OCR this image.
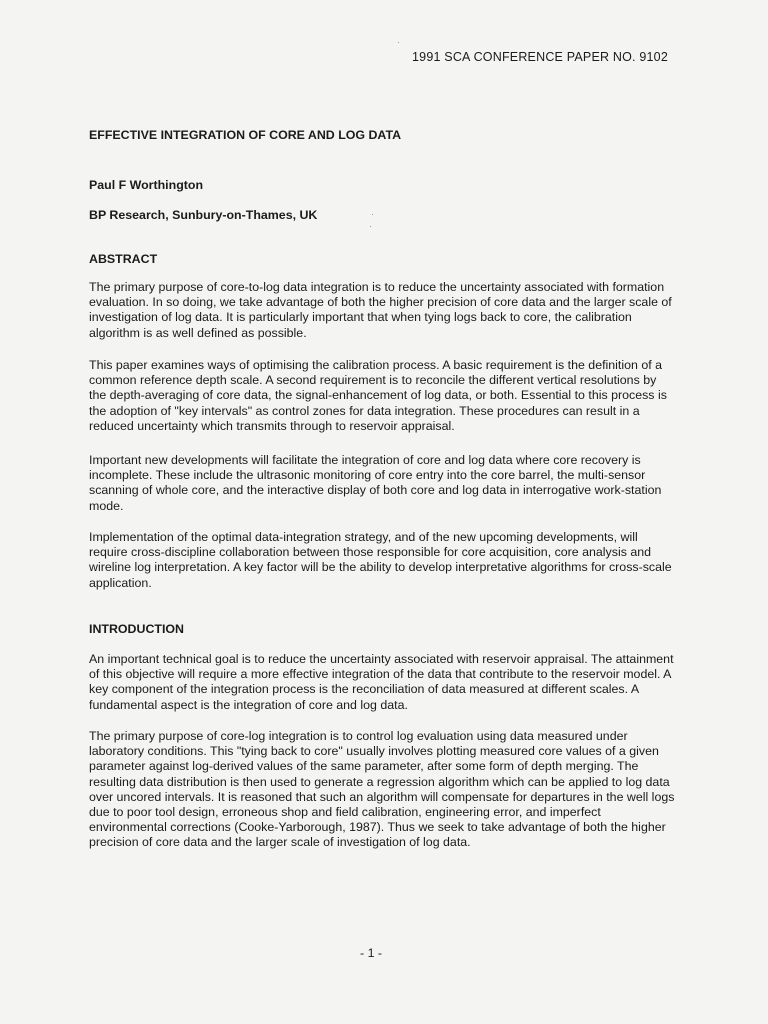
1991 SCA CONFERENCE PAPER NO. 9102
EFFECTIVE INTEGRATION OF CORE AND LOG DATA
Paul F Worthington
BP Research, Sunbury-on-Thames, UK
ABSTRACT

The primary purpose of core-to-log data integration is to reduce the uncertainty associated with formation evaluation. In so doing, we take advantage of both the higher precision of core data and the larger scale of investigation of log data. It is particularly important that when tying logs back to core, the calibration algorithm is as well defined as possible.

This paper examines ways of optimising the calibration process. A basic requirement is the definition of a common reference depth scale. A second requirement is to reconcile the different vertical resolutions by the depth-averaging of core data, the signal-enhancement of log data, or both. Essential to this process is the adoption of "key intervals" as control zones for data integration. These procedures can result in a reduced uncertainty which transmits through to reservoir appraisal.

Important new developments will facilitate the integration of core and log data where core recovery is incomplete. These include the ultrasonic monitoring of core entry into the core barrel, the multi-sensor scanning of whole core, and the interactive display of both core and log data in interrogative work-station mode.

Implementation of the optimal data-integration strategy, and of the new upcoming developments, will require cross-discipline collaboration between those responsible for core acquisition, core analysis and wireline log interpretation. A key factor will be the ability to develop interpretative algorithms for cross-scale application.

INTRODUCTION

An important technical goal is to reduce the uncertainty associated with reservoir appraisal. The attainment of this objective will require a more effective integration of the data that contribute to the reservoir model. A key component of the integration process is the reconciliation of data measured at different scales. A fundamental aspect is the integration of core and log data.

The primary purpose of core-log integration is to control log evaluation using data measured under laboratory conditions. This "tying back to core" usually involves plotting measured core values of a given parameter against log-derived values of the same parameter, after some form of depth merging. The resulting data distribution is then used to generate a regression algorithm which can be applied to log data over uncored intervals. It is reasoned that such an algorithm will compensate for departures in the well logs due to poor tool design, erroneous shop and field calibration, engineering error, and imperfect environmental corrections (Cooke-Yarborough, 1987). Thus we seek to take advantage of both the higher precision of core data and the larger scale of investigation of log data.

- 1 -
